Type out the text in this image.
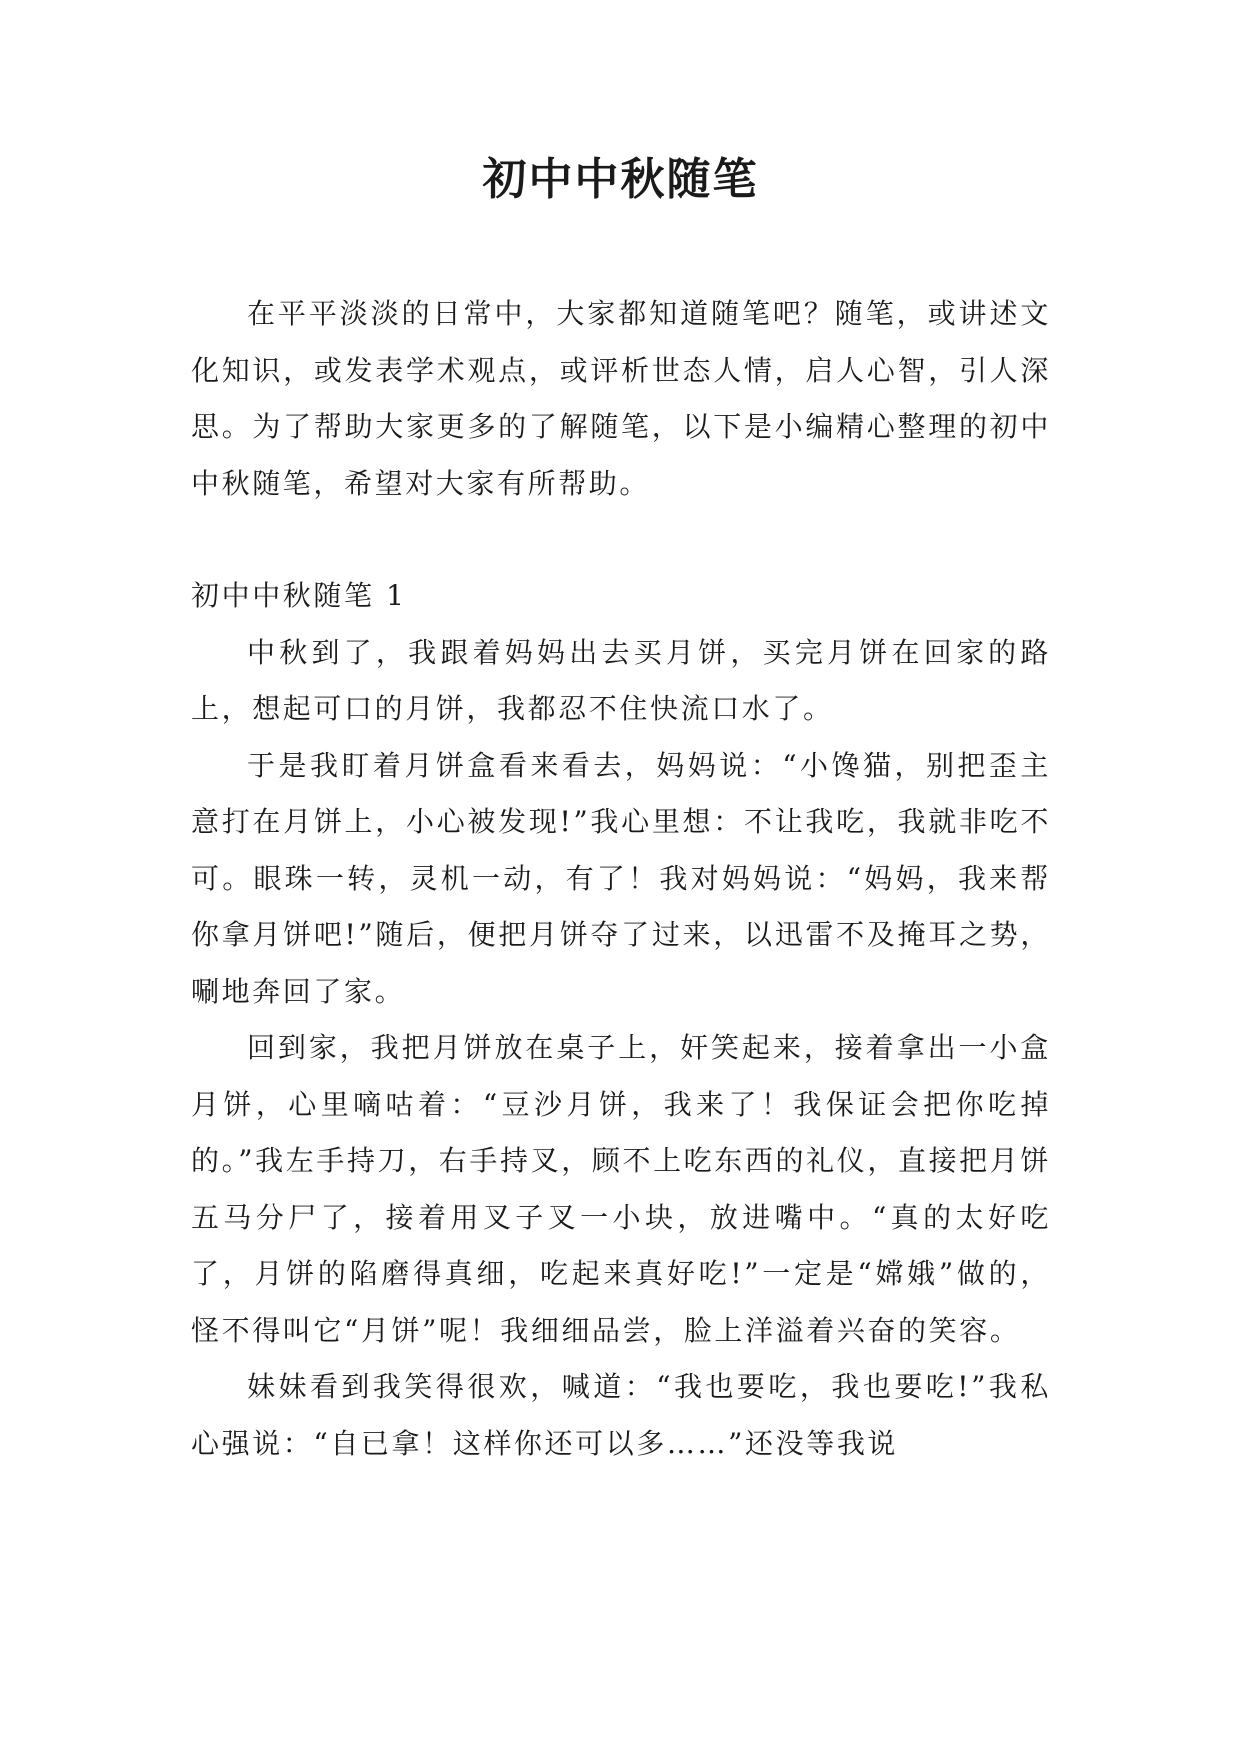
初中中秋随笔

在平平淡淡的日常中，大家都知道随笔吧？随笔，或讲述文化知识，或发表学术观点，或评析世态人情，启人心智，引人深思。为了帮助大家更多的了解随笔，以下是小编精心整理的初中中秋随笔，希望对大家有所帮助。

初中中秋随笔 1

中秋到了，我跟着妈妈出去买月饼，买完月饼在回家的路上，想起可口的月饼，我都忍不住快流口水了。

于是我盯着月饼盒看来看去，妈妈说：“小馋猫，别把歪主意打在月饼上，小心被发现!”我心里想：不让我吃，我就非吃不可。眼珠一转，灵机一动，有了！我对妈妈说：“妈妈，我来帮你拿月饼吧!”随后，便把月饼夺了过来，以迅雷不及掩耳之势，唰地奔回了家。

回到家，我把月饼放在桌子上，奸笑起来，接着拿出一小盒月饼，心里嘀咕着：“豆沙月饼，我来了！我保证会把你吃掉的。”我左手持刀，右手持叉，顾不上吃东西的礼仪，直接把月饼五马分尸了，接着用叉子叉一小块，放进嘴中。“真的太好吃了，月饼的陷磨得真细，吃起来真好吃!”一定是“嫦娥”做的，怪不得叫它“月饼”呢！我细细品尝，脸上洋溢着兴奋的笑容。

妹妹看到我笑得很欢，喊道：“我也要吃，我也要吃!”我私心强说：“自已拿！这样你还可以多……”还没等我说
